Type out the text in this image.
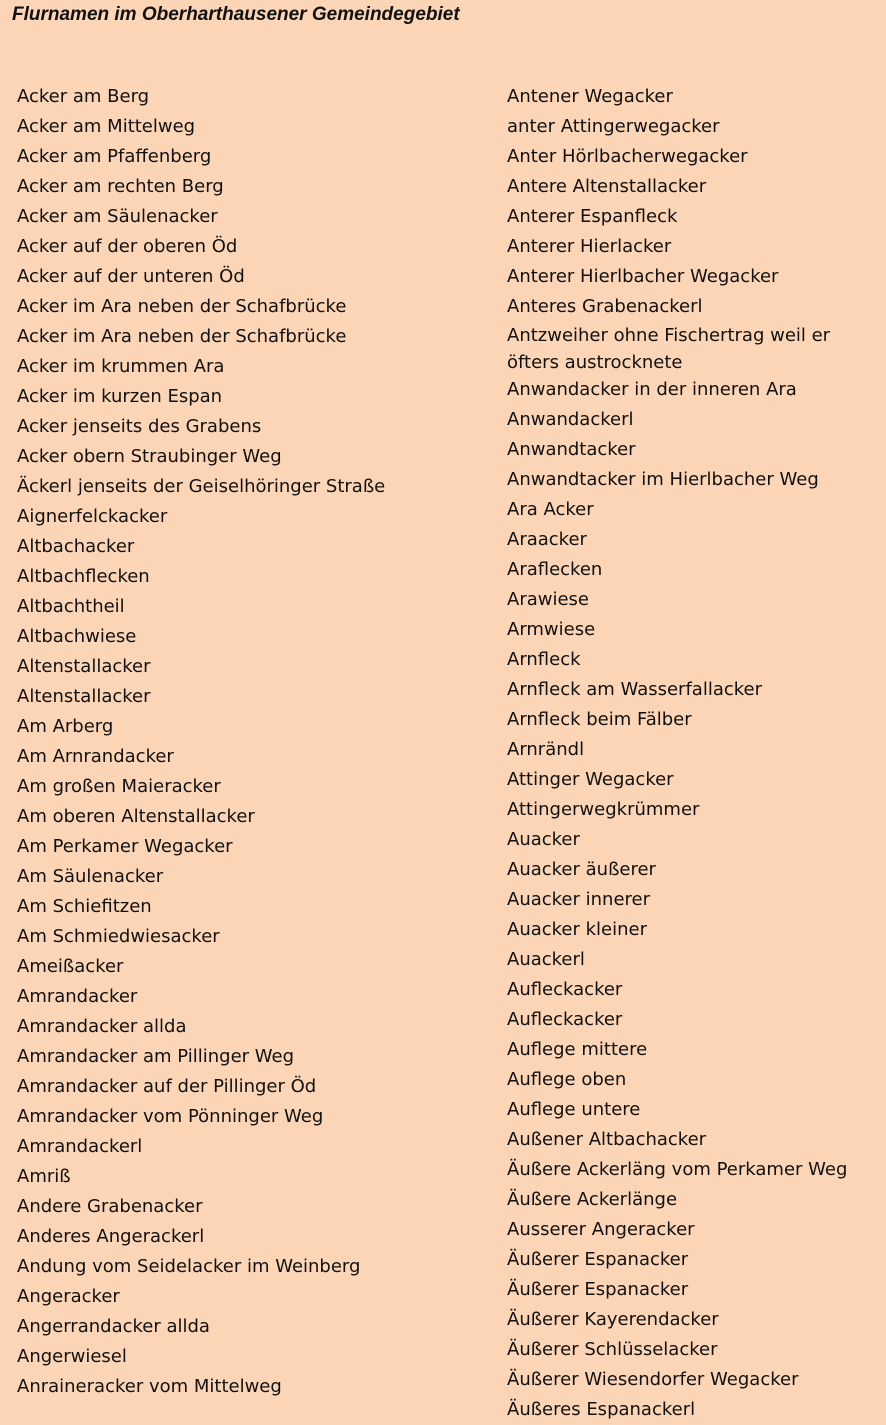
Flurnamen im Oberharthausener Gemeindegebiet
Acker am Berg
Acker am Mittelweg
Acker am Pfaffenberg
Acker am rechten Berg
Acker am Säulenacker
Acker auf der oberen Öd
Acker auf der unteren Öd
Acker im Ara neben der Schafbrücke
Acker im Ara neben der Schafbrücke
Acker im krummen Ara
Acker im kurzen Espan
Acker jenseits des Grabens
Acker obern Straubinger Weg
Äckerl jenseits der Geiselhöringer Straße
Aignerfelckacker
Altbachacker
Altbachflecken
Altbachtheil
Altbachwiese
Altenstallacker
Altenstallacker
Am Arberg
Am Arnrandacker
Am großen Maieracker
Am oberen Altenstallacker
Am Perkamer Wegacker
Am Säulenacker
Am Schiefitzen
Am Schmiedwiesacker
Ameißacker
Amrandacker
Amrandacker allda
Amrandacker am Pillinger Weg
Amrandacker auf der Pillinger Öd
Amrandacker vom Pönninger Weg
Amrandackerl
Amriß
Andere Grabenacker
Anderes Angerackerl
Andung vom Seidelacker im Weinberg
Angeracker
Angerrandacker allda
Angerwiesel
Anraineracker vom Mittelweg
Antener Wegacker
anter Attingerwegacker
Anter Hörlbacherwegacker
Antere Altenstallacker
Anterer Espanfleck
Anterer Hierlacker
Anterer Hierlbacher Wegacker
Anteres Grabenackerl
Antzweiher ohne Fischertrag weil er öfters austrocknete
Anwandacker in der inneren Ara
Anwandackerl
Anwandtacker
Anwandtacker im Hierlbacher Weg
Ara Acker
Araacker
Araflecken
Arawiese
Armwiese
Arnfleck
Arnfleck am Wasserfallacker
Arnfleck beim Fälber
Arnrändl
Attinger Wegacker
Attingerwegkrümmer
Auacker
Auacker äußerer
Auacker innerer
Auacker kleiner
Auackerl
Aufleckacker
Aufleckacker
Auflege mittere
Auflege oben
Auflege untere
Außener Altbachacker
Äußere Ackerläng vom Perkamer Weg
Äußere Ackerlänge
Ausserer Angeracker
Äußerer Espanacker
Äußerer Espanacker
Äußerer Kayerendacker
Äußerer Schlüsselacker
Äußerer Wiesendorfer Wegacker
Äußeres Espanackerl
